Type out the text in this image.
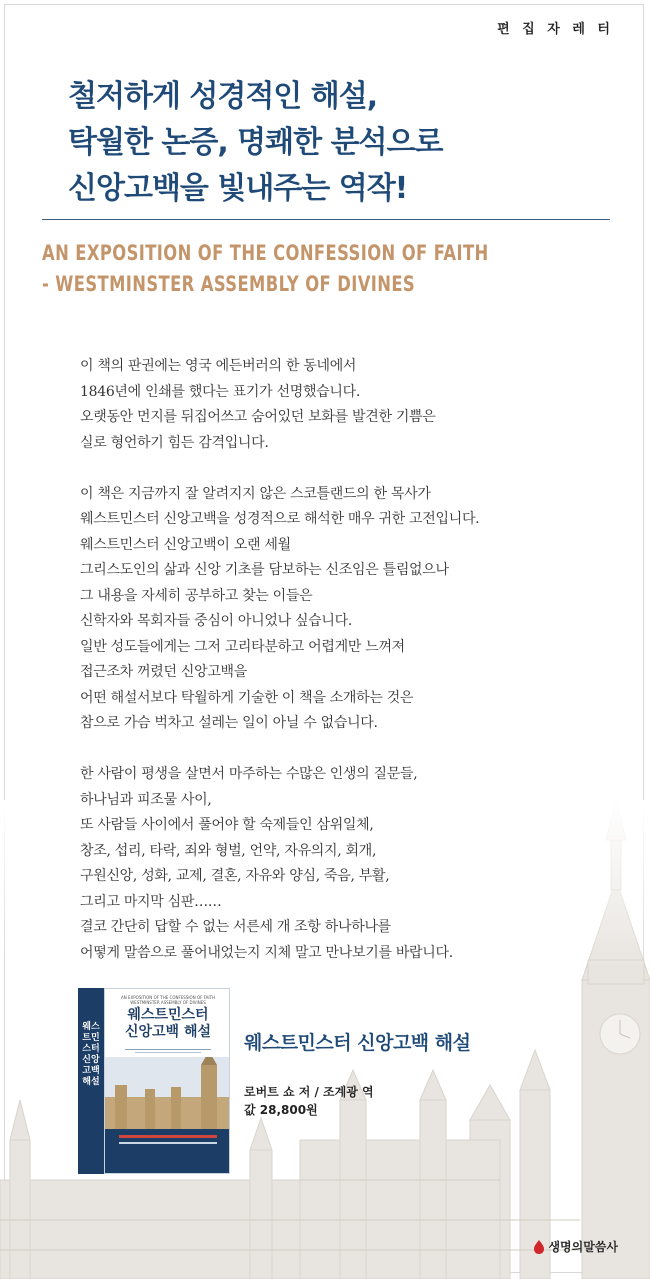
편 집 자 레 터
철저하게 성경적인 해설,
탁월한 논증, 명쾌한 분석으로
신앙고백을 빛내주는 역작!
AN EXPOSITION OF THE CONFESSION OF FAITH
- WESTMINSTER ASSEMBLY OF DIVINES

이 책의 판권에는 영국 에든버러의 한 동네에서
1846년에 인쇄를 했다는 표기가 선명했습니다.
오랫동안 먼지를 뒤집어쓰고 숨어있던 보화를 발견한 기쁨은
실로 형언하기 힘든 감격입니다.

이 책은 지금까지 잘 알려지지 않은 스코틀랜드의 한 목사가
웨스트민스터 신앙고백을 성경적으로 해석한 매우 귀한 고전입니다.
웨스트민스터 신앙고백이 오랜 세월
그리스도인의 삶과 신앙 기초를 담보하는 신조임은 틀림없으나
그 내용을 자세히 공부하고 찾는 이들은
신학자와 목회자들 중심이 아니었나 싶습니다.
일반 성도들에게는 그저 고리타분하고 어렵게만 느껴져
접근조차 꺼렸던 신앙고백을
어떤 해설서보다 탁월하게 기술한 이 책을 소개하는 것은
참으로 가슴 벅차고 설레는 일이 아닐 수 없습니다.

한 사람이 평생을 살면서 마주하는 수많은 인생의 질문들,
하나님과 피조물 사이,
또 사람들 사이에서 풀어야 할 숙제들인 삼위일체,
창조, 섭리, 타락, 죄와 형벌, 언약, 자유의지, 회개,
구원신앙, 성화, 교제, 결혼, 자유와 양심, 죽음, 부활,
그리고 마지막 심판……
결코 간단히 답할 수 없는 서른세 개 조항 하나하나를
어떻게 말씀으로 풀어내었는지 지체 말고 만나보기를 바랍니다.

웨스트민스터 신앙고백 해설
AN EXPOSITION OF THE CONFESSION OF FAITH WESTMINSTER ASSEMBLY OF DIVINES
웨스트민스터
신앙고백 해설	웨스트민스터 신앙고백 해설
로버트 쇼 저 / 조계광 역
값 28,800원
생명의말씀사
